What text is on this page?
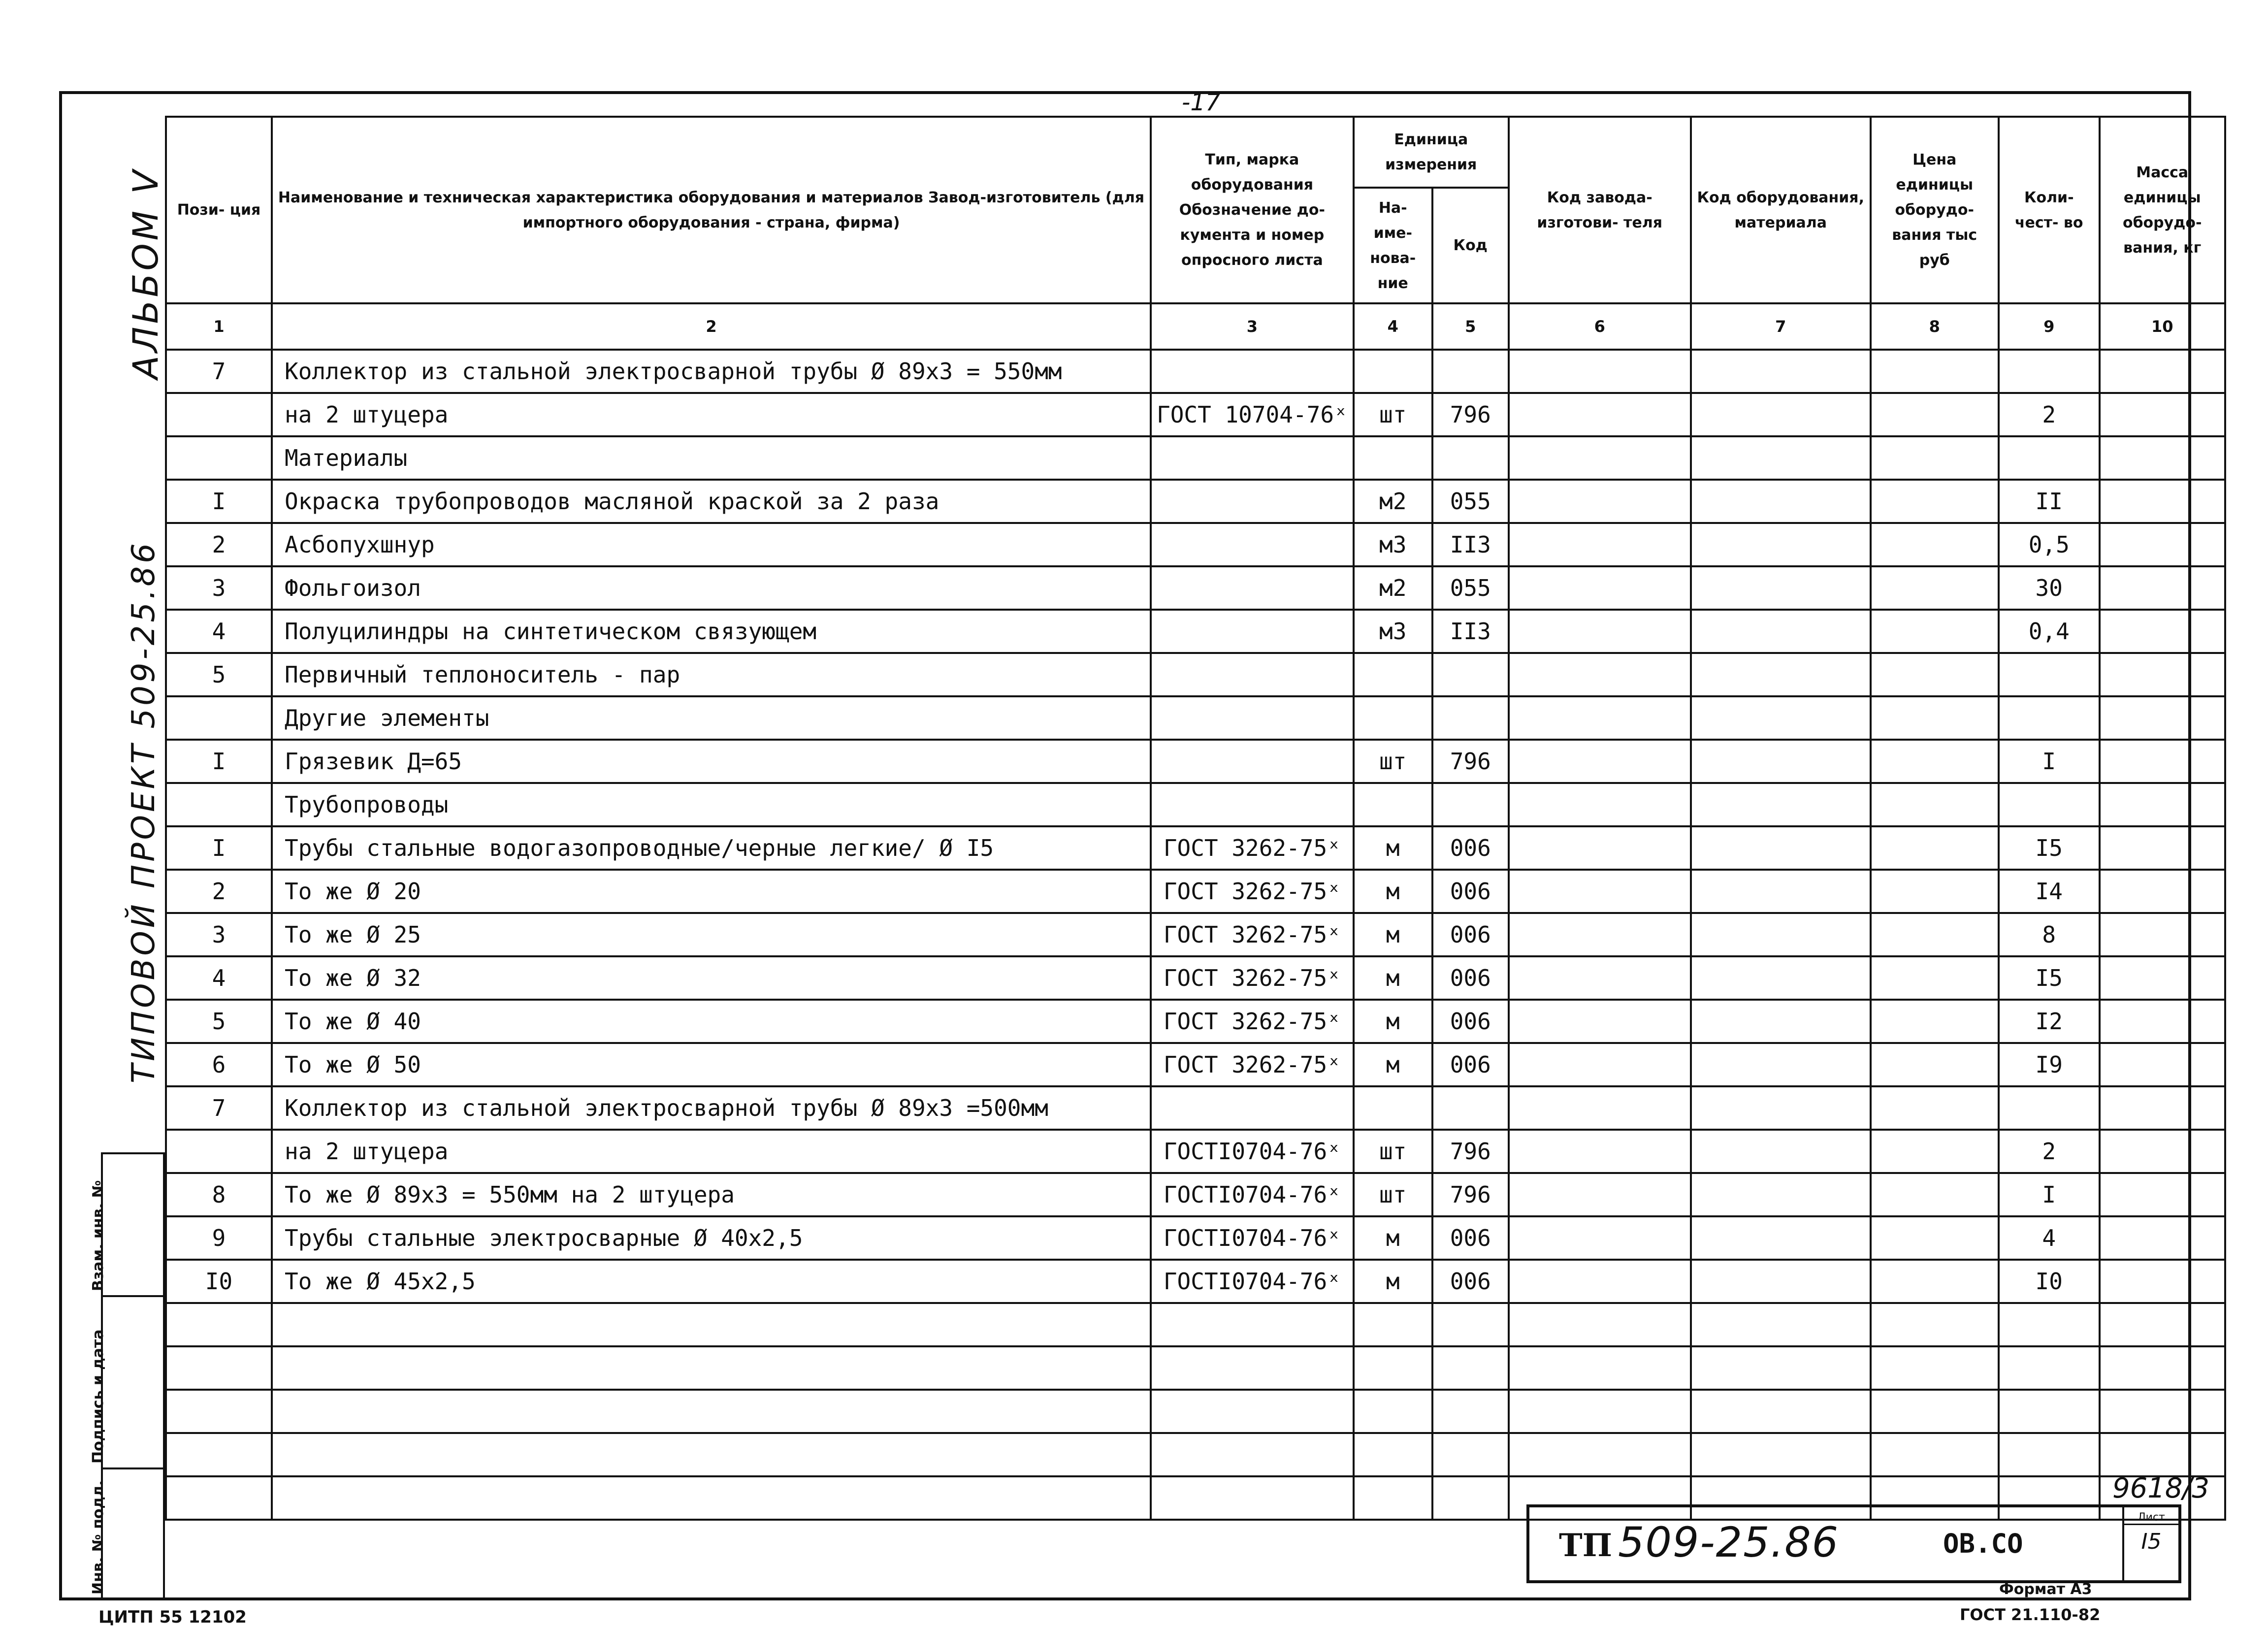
-17
АЛЬБОМ V
ТИПОВОЙ ПРОЕКТ 509-25.86
Взам. инв. №
Подпись и дата
Инв. № подл.
Пози- ция	Наименование и техническая характеристика оборудования и материалов Завод-изготовитель (для импортного оборудования - страна, фирма)	Тип, марка оборудования Обозначение до- кумента и номер опросного листа	Единица измерения		Код завода- изготови- теля	Код оборудования, материала	Цена единицы оборудо- вания тыс руб	Коли- чест- во	Масса единицы оборудо- вания, кг
			На- име- нова- ние	Код					
1	2	3	4	5	6	7	8	9	10
7	Коллектор из стальной электросварной трубы Ø 89x3 = 550мм								
	на 2 штуцера	ГОСТ 10704-76ˣ	шт	796				2	
	Материалы								
I	Окраска трубопроводов масляной краской за 2 раза		м2	055				II	
2	Асбопухшнур		м3	II3				0,5	
3	Фольгоизол		м2	055				30	
4	Полуцилиндры на синтетическом связующем		м3	II3				0,4	
5	Первичный теплоноситель - пар								
	Другие элементы								
I	Грязевик Д=65		шт	796				I	
	Трубопроводы								
I	Трубы стальные водогазопроводные/черные легкие/ Ø I5	ГОСТ 3262-75ˣ	м	006				I5	
2	То же Ø 20	ГОСТ 3262-75ˣ	м	006				I4	
3	То же Ø 25	ГОСТ 3262-75ˣ	м	006				8	
4	То же Ø 32	ГОСТ 3262-75ˣ	м	006				I5	
5	То же Ø 40	ГОСТ 3262-75ˣ	м	006				I2	
6	То же Ø 50	ГОСТ 3262-75ˣ	м	006				I9	
7	Коллектор из стальной электросварной трубы Ø 89x3 =500мм								
	на 2 штуцера	ГОСТI0704-76ˣ	шт	796				2	
8	То же Ø 89x3 = 550мм на 2 штуцера	ГОСТI0704-76ˣ	шт	796				I	
9	Трубы стальные электросварные Ø 40x2,5	ГОСТI0704-76ˣ	м	006				4	
I0	То же Ø 45x2,5	ГОСТI0704-76ˣ	м	006				I0	

ТП 509-25.86	ОВ.СО
Лист
I5
9618/3
Формат А3
ГОСТ 21.110-82
ЦИТП 55 12102
